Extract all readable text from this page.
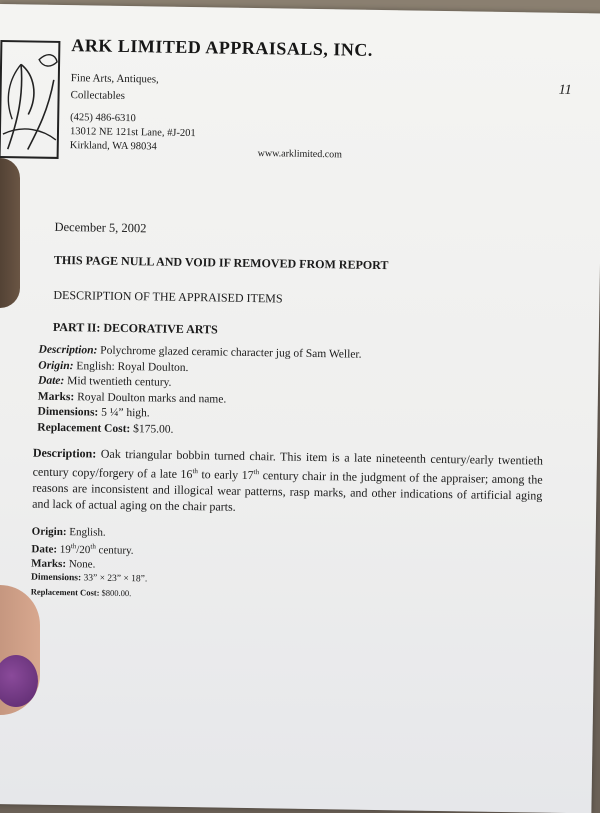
ARK LIMITED APPRAISALS, INC.
Fine Arts, Antiques,
Collectables
(425) 486-6310
13012 NE 121st Lane, #J-201
Kirkland, WA 98034
11
www.arklimited.com
December 5, 2002
THIS PAGE NULL AND VOID IF REMOVED FROM REPORT
DESCRIPTION OF THE APPRAISED ITEMS
PART II: DECORATIVE ARTS
Description: Polychrome glazed ceramic character jug of Sam Weller.
Origin: English: Royal Doulton.
Date: Mid twentieth century.
Marks: Royal Doulton marks and name.
Dimensions: 5 ¼” high.
Replacement Cost: $175.00.
Description: Oak triangular bobbin turned chair. This item is a late nineteenth century/early twentieth century copy/forgery of a late 16th to early 17th century chair in the judgment of the appraiser; among the reasons are inconsistent and illogical wear patterns, rasp marks, and other indications of artificial aging and lack of actual aging on the chair parts.
Origin: English.
Date: 19th/20th century.
Marks: None.
Dimensions: 33” × 23” × 18”.
Replacement Cost: $800.00.
